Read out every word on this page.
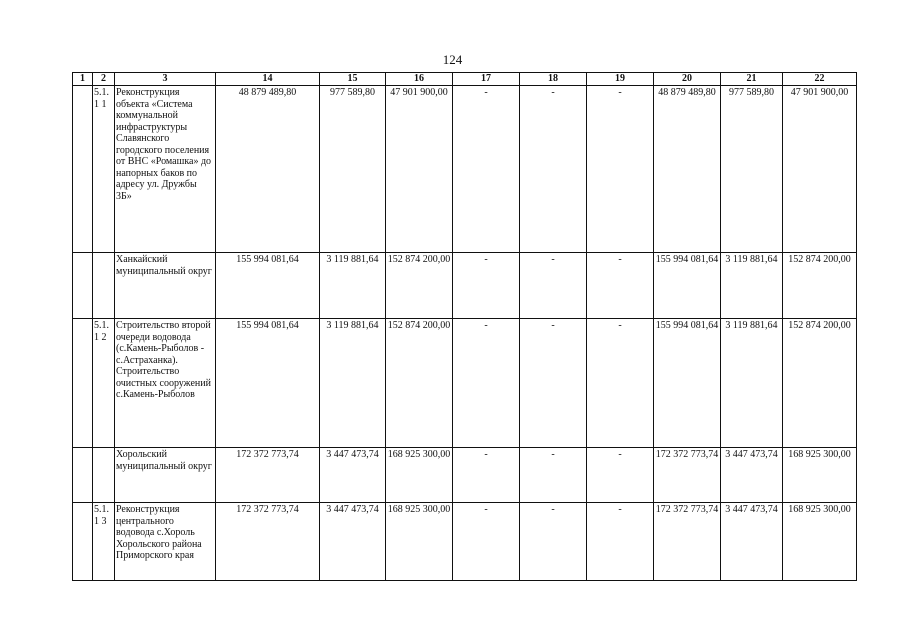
124
1	2	3	14	15	16	17	18	19	20	21	22
	5.1.1 1	Реконструкция объекта «Система коммунальной инфраструктуры Славянского городского поселения от ВНС «Ромашка» до напорных баков по адресу ул. Дружбы 3Б»	48 879 489,80	977 589,80	47 901 900,00	-	-	-	48 879 489,80	977 589,80	47 901 900,00
		Ханкайский муниципальный округ	155 994 081,64	3 119 881,64	152 874 200,00	-	-	-	155 994 081,64	3 119 881,64	152 874 200,00
	5.1.1 2	Строительство второй очереди водовода (с.Камень-Рыболов - с.Астраханка). Строительство очистных сооружений с.Камень-Рыболов	155 994 081,64	3 119 881,64	152 874 200,00	-	-	-	155 994 081,64	3 119 881,64	152 874 200,00
		Хорольский муниципальный округ	172 372 773,74	3 447 473,74	168 925 300,00	-	-	-	172 372 773,74	3 447 473,74	168 925 300,00
	5.1.1 3	Реконструкция центрального водовода с.Хороль Хорольского района Приморского края	172 372 773,74	3 447 473,74	168 925 300,00	-	-	-	172 372 773,74	3 447 473,74	168 925 300,00
